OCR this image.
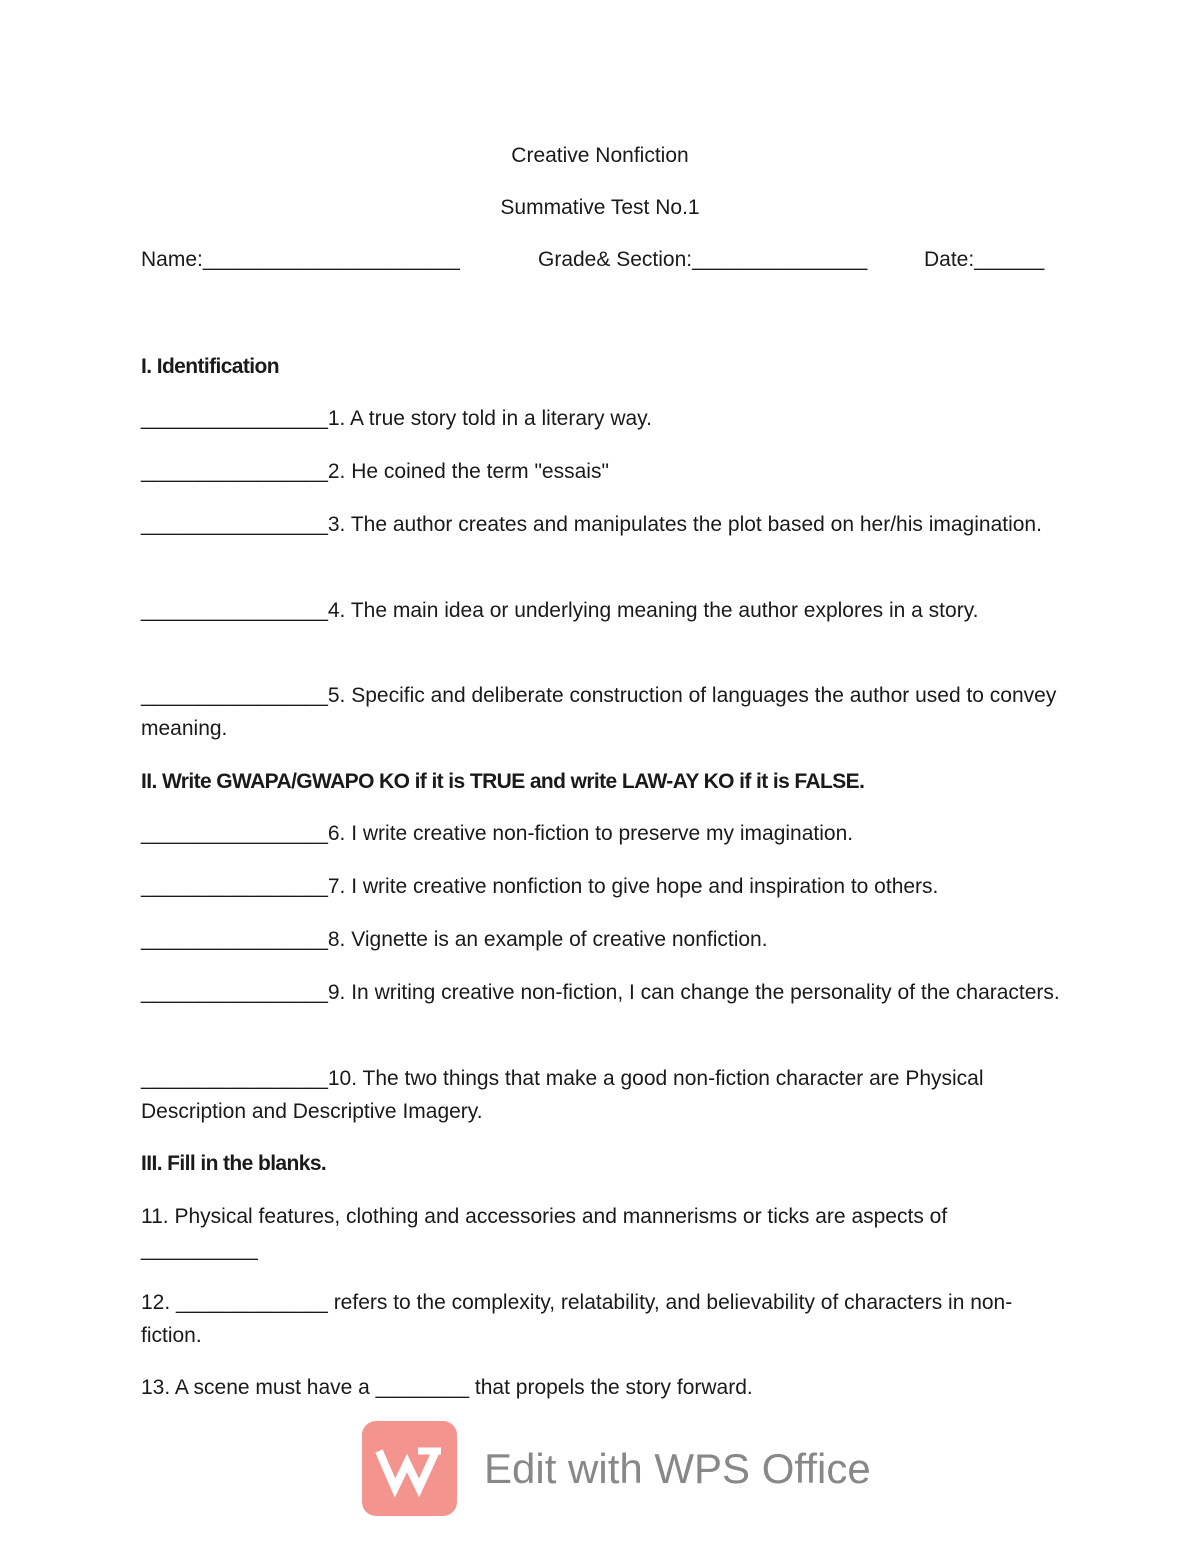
Creative Nonfiction
Summative Test No.1

Name:______________________

	Grade& Section:_______________

	Date:______

I. Identification
________________1. A true story told in a literary way.
________________2. He coined the term "essais"
________________3. The author creates and manipulates the plot based on her/his imagination.
________________4. The main idea or underlying meaning the author explores in a story.
________________5. Specific and deliberate construction of languages the author used to convey meaning.
II. Write GWAPA/GWAPO KO if it is TRUE and write LAW-AY KO if it is FALSE.
________________6. I write creative non-fiction to preserve my imagination.
________________7. I write creative nonfiction to give hope and inspiration to others.
________________8. Vignette is an example of creative nonfiction.
________________9. In writing creative non-fiction, I can change the personality of the characters.
________________10. The two things that make a good non-fiction character are Physical Description and Descriptive Imagery.
III. Fill in the blanks.
11. Physical features, clothing and accessories and mannerisms or ticks are aspects of __________
12. _____________ refers to the complexity, relatability, and believability of characters in non-fiction.
13. A scene must have a ________ that propels the story forward.
Edit with WPS Office
